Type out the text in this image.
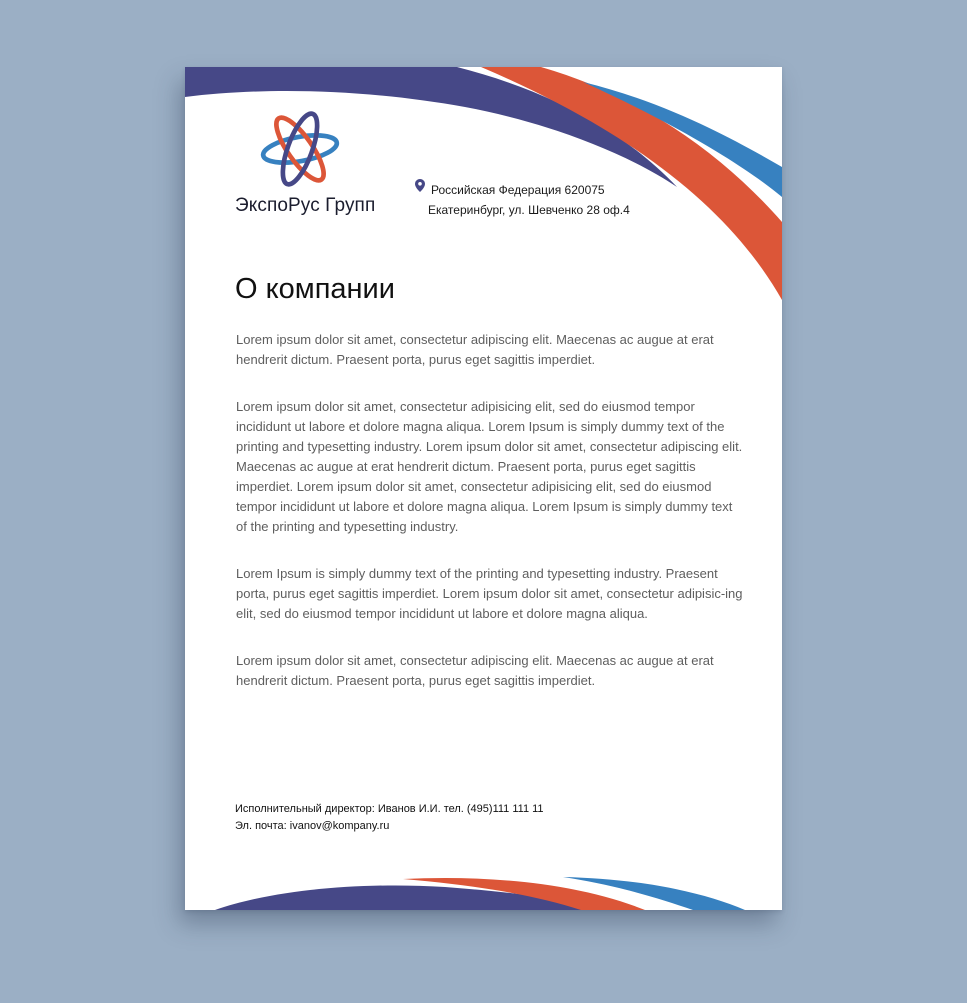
ЭкспоРус Групп
Российская Федерация 620075
Екатеринбург, ул. Шевченко 28 оф.4
О компании

Lorem ipsum dolor sit amet, consectetur adipiscing elit. Maecenas ac augue at erat hendrerit dictum. Praesent porta, purus eget sagittis imperdiet.

Lorem ipsum dolor sit amet, consectetur adipisicing elit, sed do eiusmod tempor incididunt ut labore et dolore magna aliqua. Lorem Ipsum is simply dummy text of the printing and typesetting industry. Lorem ipsum dolor sit amet, consectetur adipiscing elit. Maecenas ac augue at erat hendrerit dictum. Praesent porta, purus eget sagittis imperdiet. Lorem ipsum dolor sit amet, consectetur adipisicing elit, sed do eiusmod tempor incididunt ut labore et dolore magna aliqua. Lorem Ipsum is simply dummy text of the printing and typesetting industry.

Lorem Ipsum is simply dummy text of the printing and typesetting industry. Praesent porta, purus eget sagittis imperdiet. Lorem ipsum dolor sit amet, consectetur adipisic-ing elit, sed do eiusmod tempor incididunt ut labore et dolore magna aliqua.

Lorem ipsum dolor sit amet, consectetur adipiscing elit. Maecenas ac augue at erat hendrerit dictum. Praesent porta, purus eget sagittis imperdiet.

Исполнительный директор: Иванов И.И. тел. (495)111 111 11
Эл. почта: ivanov@kompany.ru
